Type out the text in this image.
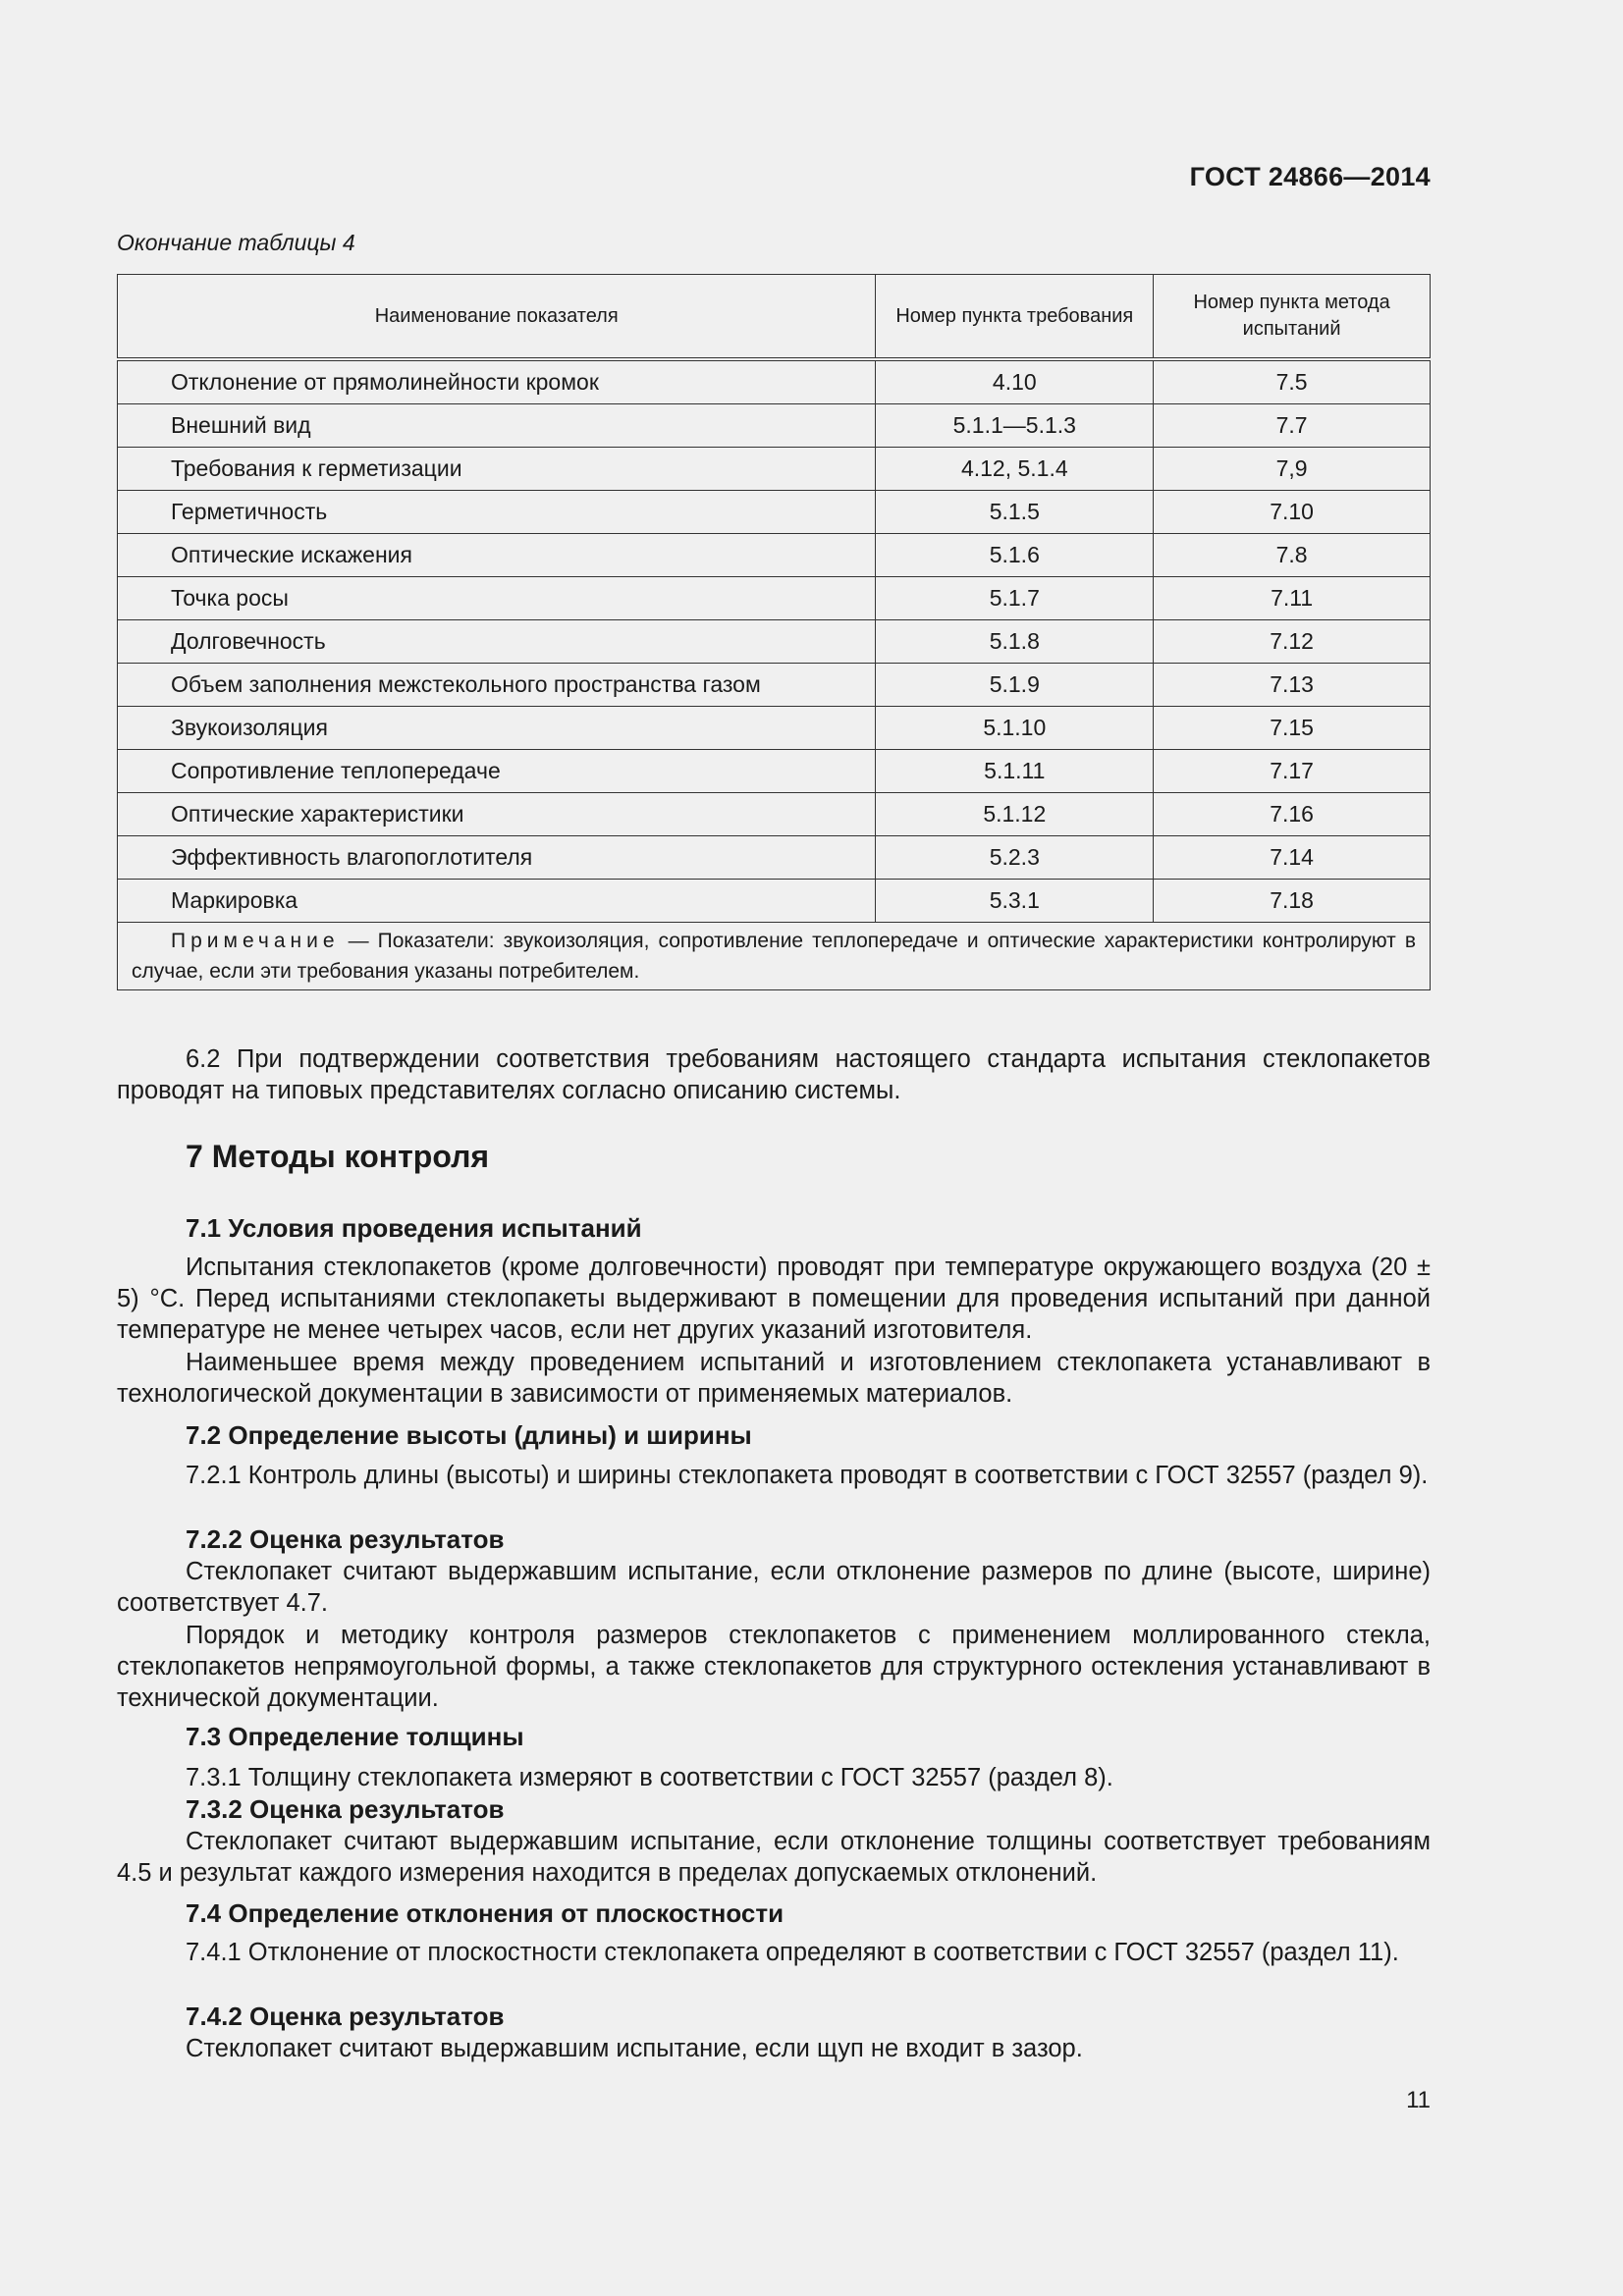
ГОСТ 24866—2014
Окончание таблицы 4
Наименование показателя	Номер пункта требования	Номер пункта метода испытаний
Отклонение от прямолинейности кромок	4.10	7.5
Внешний вид	5.1.1—5.1.3	7.7
Требования к герметизации	4.12, 5.1.4	7,9
Герметичность	5.1.5	7.10
Оптические искажения	5.1.6	7.8
Точка росы	5.1.7	7.11
Долговечность	5.1.8	7.12
Объем заполнения межстекольного пространства газом	5.1.9	7.13
Звукоизоляция	5.1.10	7.15
Сопротивление теплопередаче	5.1.11	7.17
Оптические характеристики	5.1.12	7.16
Эффективность влагопоглотителя	5.2.3	7.14
Маркировка	5.3.1	7.18
Примечание — Показатели: звукоизоляция, сопротивление теплопередаче и оптические характеристики контролируют в случае, если эти требования указаны потребителем.		
6.2 При подтверждении соответствия требованиям настоящего стандарта испытания стеклопакетов проводят на типовых представителях согласно описанию системы.
7 Методы контроля
7.1 Условия проведения испытаний
Испытания стеклопакетов (кроме долговечности) проводят при температуре окружающего воздуха (20 ± 5) °С. Перед испытаниями стеклопакеты выдерживают в помещении для проведения испытаний при данной температуре не менее четырех часов, если нет других указаний изготовителя.
Наименьшее время между проведением испытаний и изготовлением стеклопакета устанавливают в технологической документации в зависимости от применяемых материалов.
7.2 Определение высоты (длины) и ширины
7.2.1 Контроль длины (высоты) и ширины стеклопакета проводят в соответствии с ГОСТ 32557 (раздел 9).
7.2.2 Оценка результатов
Стеклопакет считают выдержавшим испытание, если отклонение размеров по длине (высоте, ширине) соответствует 4.7.
Порядок и методику контроля размеров стеклопакетов с применением моллированного стекла, стеклопакетов непрямоугольной формы, а также стеклопакетов для структурного остекления устанавливают в технической документации.
7.3 Определение толщины
7.3.1 Толщину стеклопакета измеряют в соответствии с ГОСТ 32557 (раздел 8).
7.3.2 Оценка результатов
Стеклопакет считают выдержавшим испытание, если отклонение толщины соответствует требованиям 4.5 и результат каждого измерения находится в пределах допускаемых отклонений.
7.4 Определение отклонения от плоскостности
7.4.1 Отклонение от плоскостности стеклопакета определяют в соответствии с ГОСТ 32557 (раздел 11).
7.4.2 Оценка результатов
Стеклопакет считают выдержавшим испытание, если щуп не входит в зазор.
11
